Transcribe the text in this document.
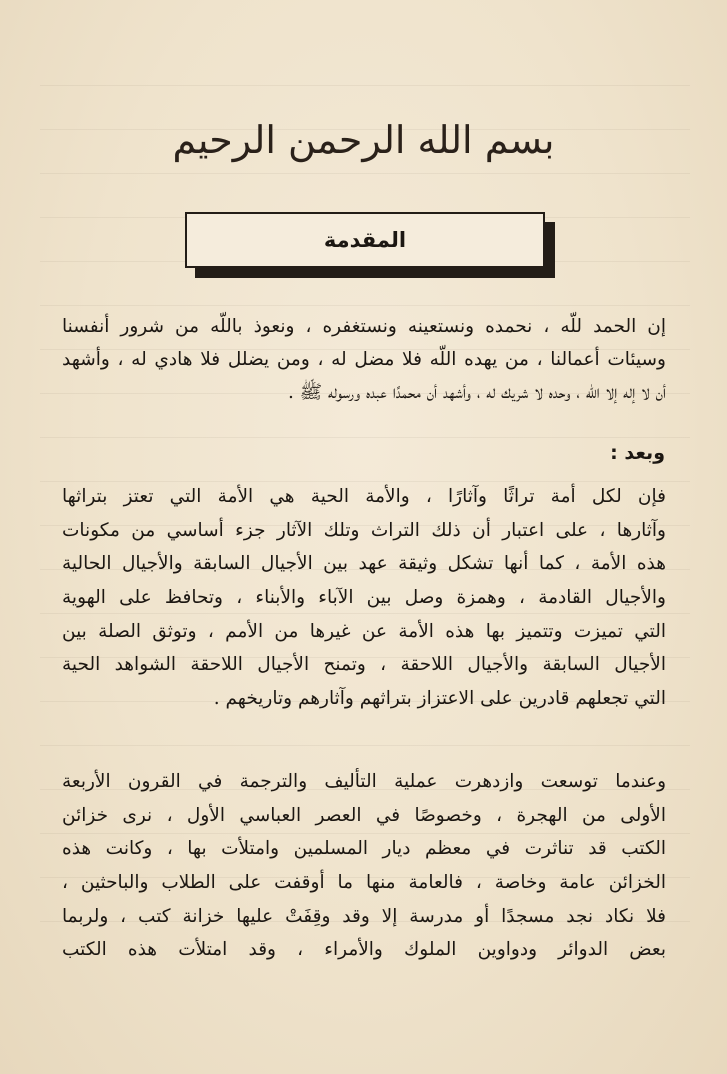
بسم الله الرحمن الرحيم
المقدمة
إن الحمد للّه ، نحمده ونستعينه ونستغفره ، ونعوذ باللّه من شرور أنفسنا
وسيئات أعمالنا ، من يهده اللّه فلا مضل له ، ومن يضلل فلا هادي له ، وأشهد
أن لا إله إلا اللّه ، وحده لا شريك له ، وأشهد أن محمدًا عبده ورسوله ﷺ .
وبعد :
فإن لكل أمة تراثًا وآثارًا ، والأمة الحية هي الأمة التي تعتز بتراثها
وآثارها ، على اعتبار أن ذلك التراث وتلك الآثار جزء أساسي من مكونات
هذه الأمة ، كما أنها تشكل وثيقة عهد بين الأجيال السابقة والأجيال الحالية
والأجيال القادمة ، وهمزة وصل بين الآباء والأبناء ، وتحافظ على الهوية
التي تميزت وتتميز بها هذه الأمة عن غيرها من الأمم ، وتوثق الصلة بين
الأجيال السابقة والأجيال اللاحقة ، وتمنح الأجيال اللاحقة الشواهد الحية
التي تجعلهم قادرين على الاعتزاز بتراثهم وآثارهم وتاريخهم .
وعندما توسعت وازدهرت عملية التأليف والترجمة في القرون الأربعة
الأولى من الهجرة ، وخصوصًا في العصر العباسي الأول ، نرى خزائن
الكتب قد تناثرت في معظم ديار المسلمين وامتلأت بها ، وكانت هذه
الخزائن عامة وخاصة ، فالعامة منها ما أوقفت على الطلاب والباحثين ،
فلا نكاد نجد مسجدًا أو مدرسة إلا وقد وقِفَتْ عليها خزانة كتب ، ولربما
بعض الدوائر ودواوين الملوك والأمراء ، وقد امتلأت هذه الكتب
